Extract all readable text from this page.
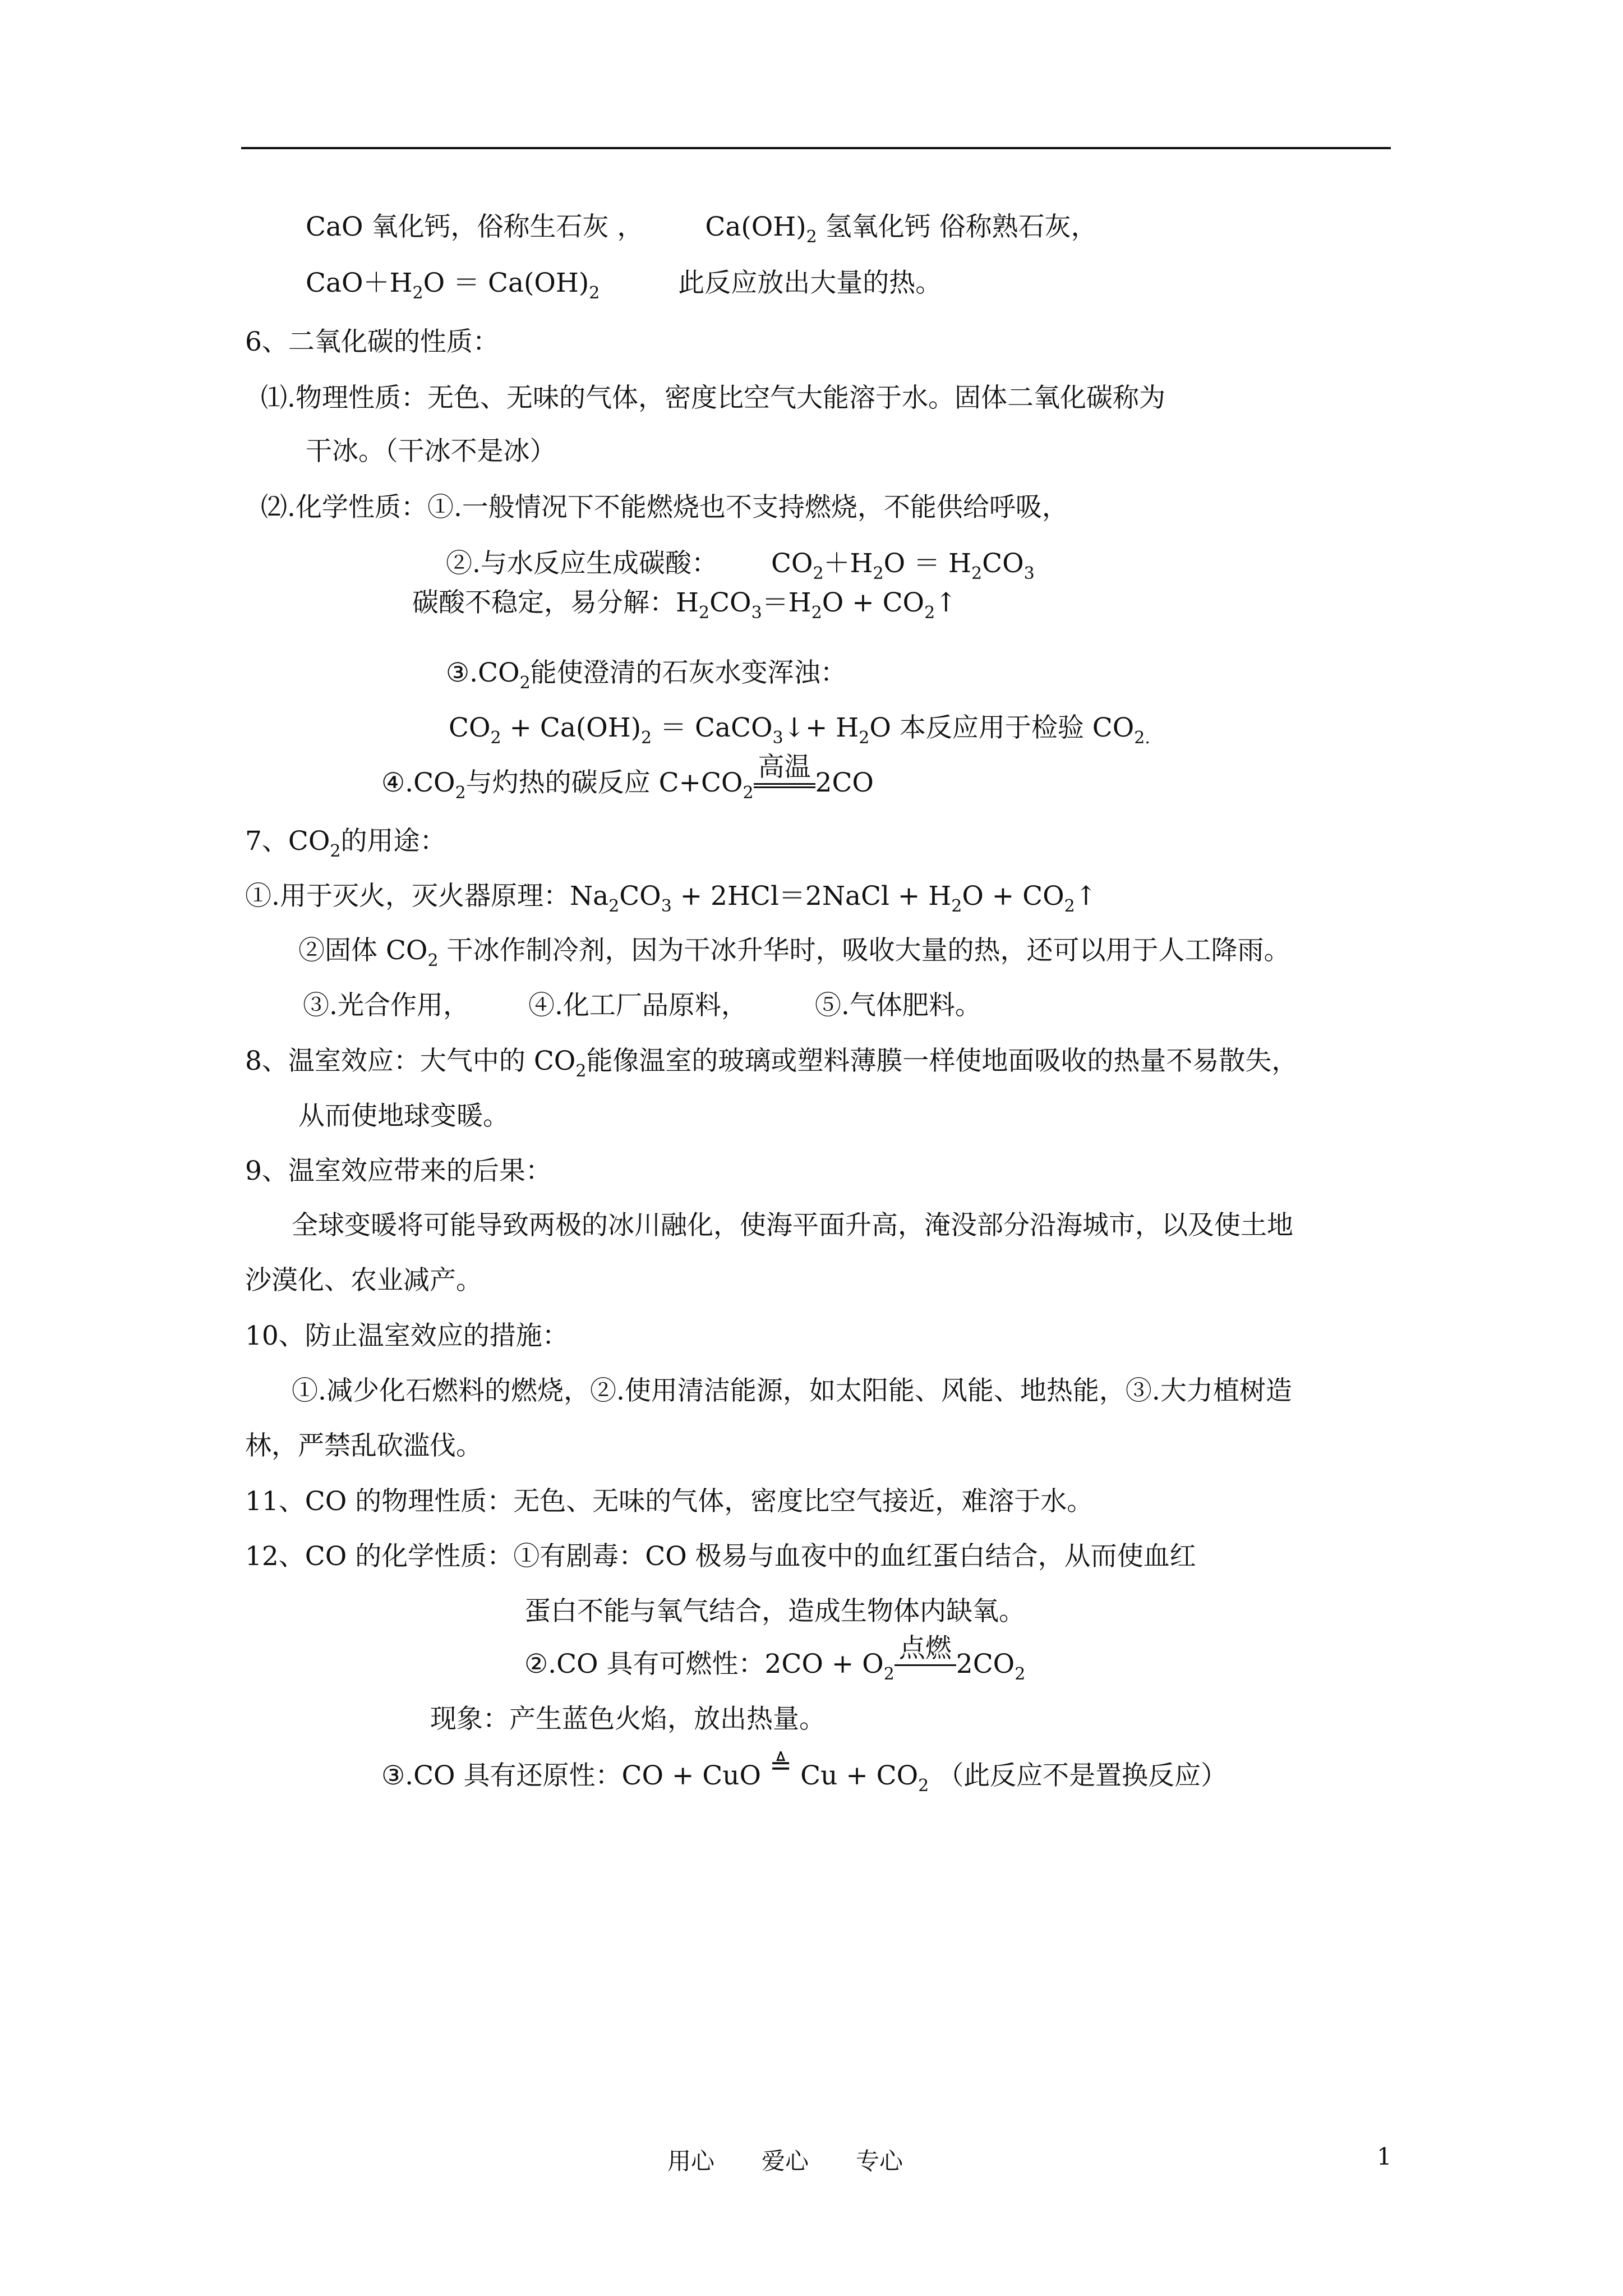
CaO 氧化钙，俗称生石灰 ， $Ca(OH)_2$ 氢氧化钙 俗称熟石灰，
$CaO+H_2O = Ca(OH)_2$	此反应放出大量的热。
6、二氧化碳的性质：
⑴.物理性质：无色、无味的气体，密度比空气大能溶于水。固体二氧化碳称为
干冰。（干冰不是冰）
⑵.化学性质：①.一般情况下不能燃烧也不支持燃烧，不能供给呼吸，
②.与水反应生成碳酸： $CO_2+H_2O = H_2CO_3$
碳酸不稳定，易分解：$H_2CO_3=H_2O$ + $CO_2↑$
$③.CO_2$能使澄清的石灰水变浑浊：
$CO_2 + Ca(OH)_2$ ＝ CaCO$_3$↓+ $H_2O$ 本反应用于检验 $CO_{2.}$
$④.CO_2$与灼热的碳反应 $C+CO_2$
高温
2CO
7、$CO_2$的用途：
①.用于灭火，灭火器原理：$Na_2CO_3$ + 2HCl＝2NaCl + $H_2O$ + $CO_2↑$
②固体 $CO_2$ 干冰作制冷剂，因为干冰升华时，吸收大量的热，还可以用于人工降雨。
③.光合作用， ④.化工厂品原料，	⑤.气体肥料。
8、温室效应：大气中的 $CO_2$能像温室的玻璃或塑料薄膜一样使地面吸收的热量不易散失，
从而使地球变暖。
9、温室效应带来的后果：
全球变暖将可能导致两极的冰川融化，使海平面升高，淹没部分沿海城市，以及使土地
沙漠化、农业减产。
10、防止温室效应的措施：
①.减少化石燃料的燃烧，②.使用清洁能源，如太阳能、风能、地热能，③.大力植树造
林，严禁乱砍滥伐。
11、CO 的物理性质：无色、无味的气体，密度比空气接近，难溶于水。
12、CO 的化学性质：①有剧毒：CO 极易与血夜中的血红蛋白结合，从而使血红
蛋白不能与氧气结合，造成生物体内缺氧。
②.CO 具有可燃性：$2CO + O_2$
点燃
$2CO_2$
现象：产生蓝色火焰，放出热量。
③.CO 具有还原性：CO + CuO ≜ $Cu + CO_2$ （此反应不是置换反应）
用心　　爱心　　专心	1
